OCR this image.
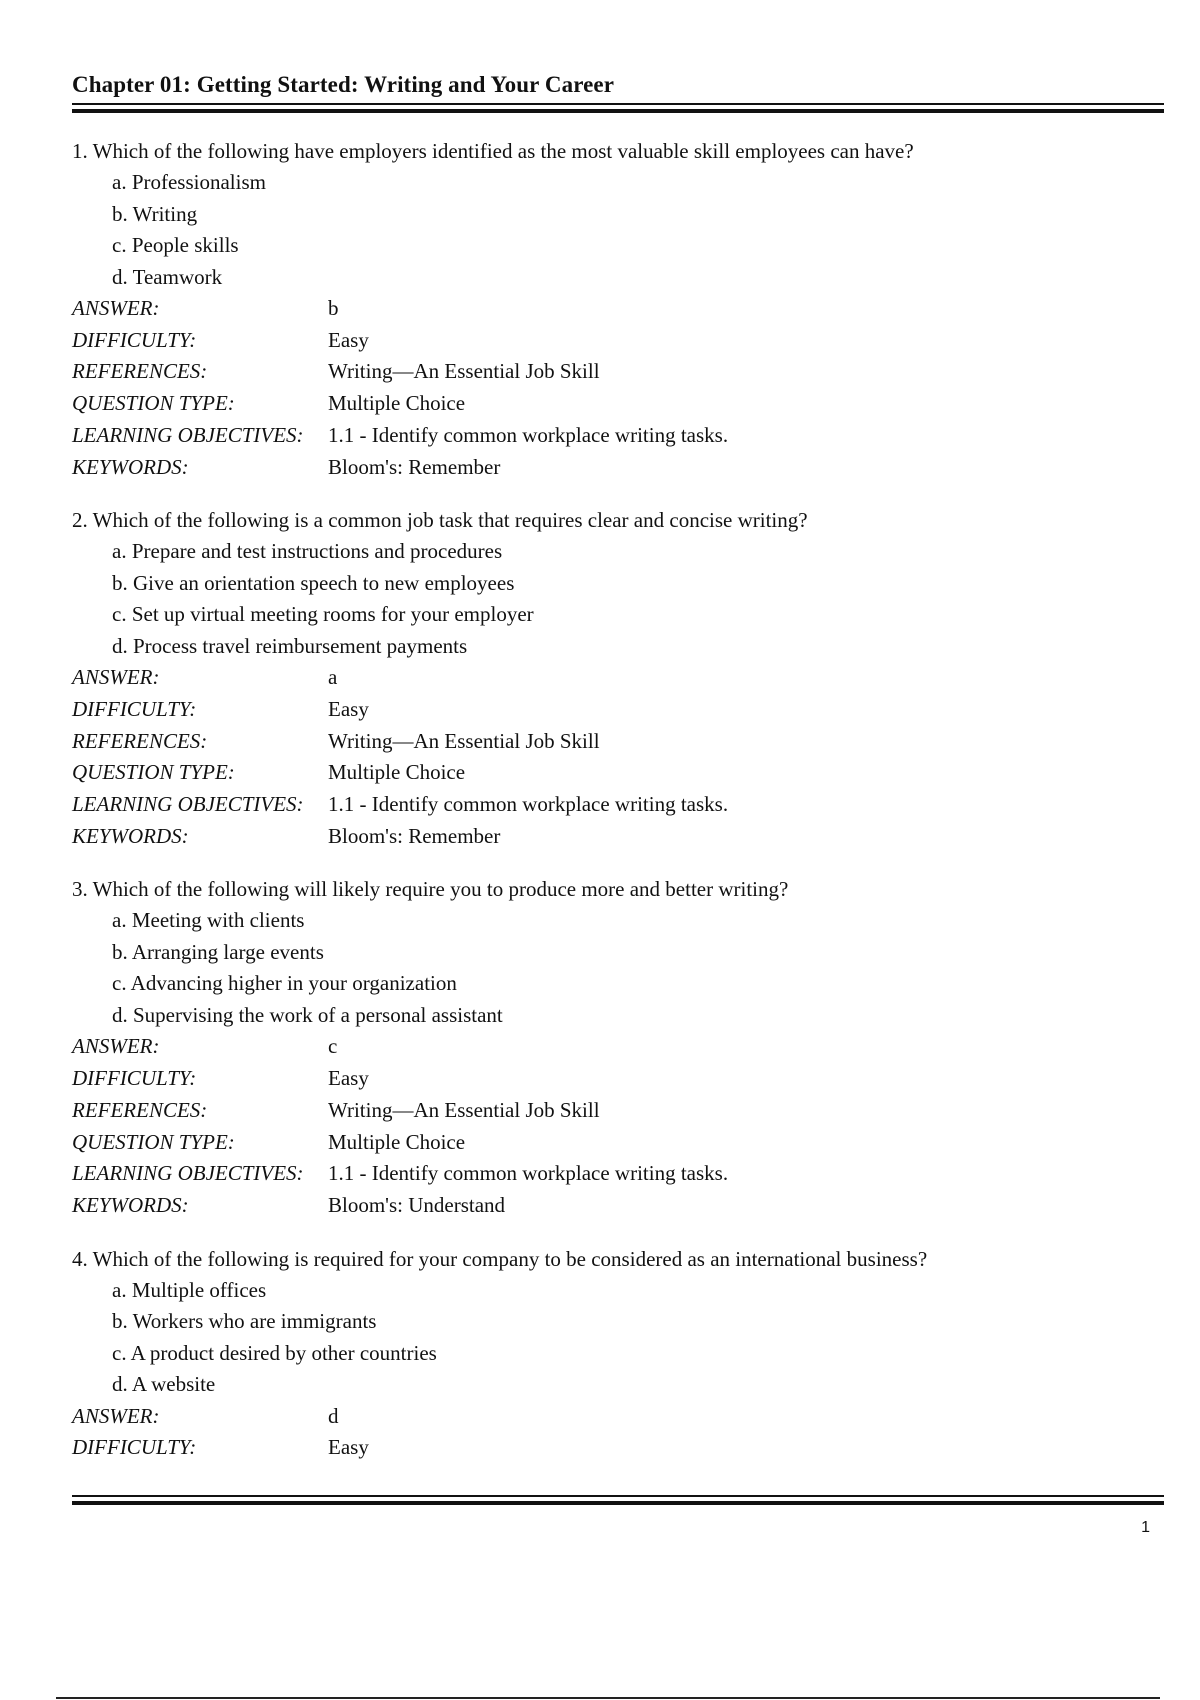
Chapter 01: Getting Started: Writing and Your Career
1. Which of the following have employers identified as the most valuable skill employees can have?
a. Professionalism
b. Writing
c. People skills
d. Teamwork
ANSWER:	b
DIFFICULTY:	Easy
REFERENCES:	Writing—An Essential Job Skill
QUESTION TYPE:	Multiple Choice
LEARNING OBJECTIVES:	1.1 - Identify common workplace writing tasks.
KEYWORDS:	Bloom's: Remember
2. Which of the following is a common job task that requires clear and concise writing?
a. Prepare and test instructions and procedures
b. Give an orientation speech to new employees
c. Set up virtual meeting rooms for your employer
d. Process travel reimbursement payments
ANSWER:	a
DIFFICULTY:	Easy
REFERENCES:	Writing—An Essential Job Skill
QUESTION TYPE:	Multiple Choice
LEARNING OBJECTIVES:	1.1 - Identify common workplace writing tasks.
KEYWORDS:	Bloom's: Remember
3. Which of the following will likely require you to produce more and better writing?
a. Meeting with clients
b. Arranging large events
c. Advancing higher in your organization
d. Supervising the work of a personal assistant
ANSWER:	c
DIFFICULTY:	Easy
REFERENCES:	Writing—An Essential Job Skill
QUESTION TYPE:	Multiple Choice
LEARNING OBJECTIVES:	1.1 - Identify common workplace writing tasks.
KEYWORDS:	Bloom's: Understand
4. Which of the following is required for your company to be considered as an international business?
a. Multiple offices
b. Workers who are immigrants
c. A product desired by other countries
d. A website
ANSWER:	d
DIFFICULTY:	Easy
1
